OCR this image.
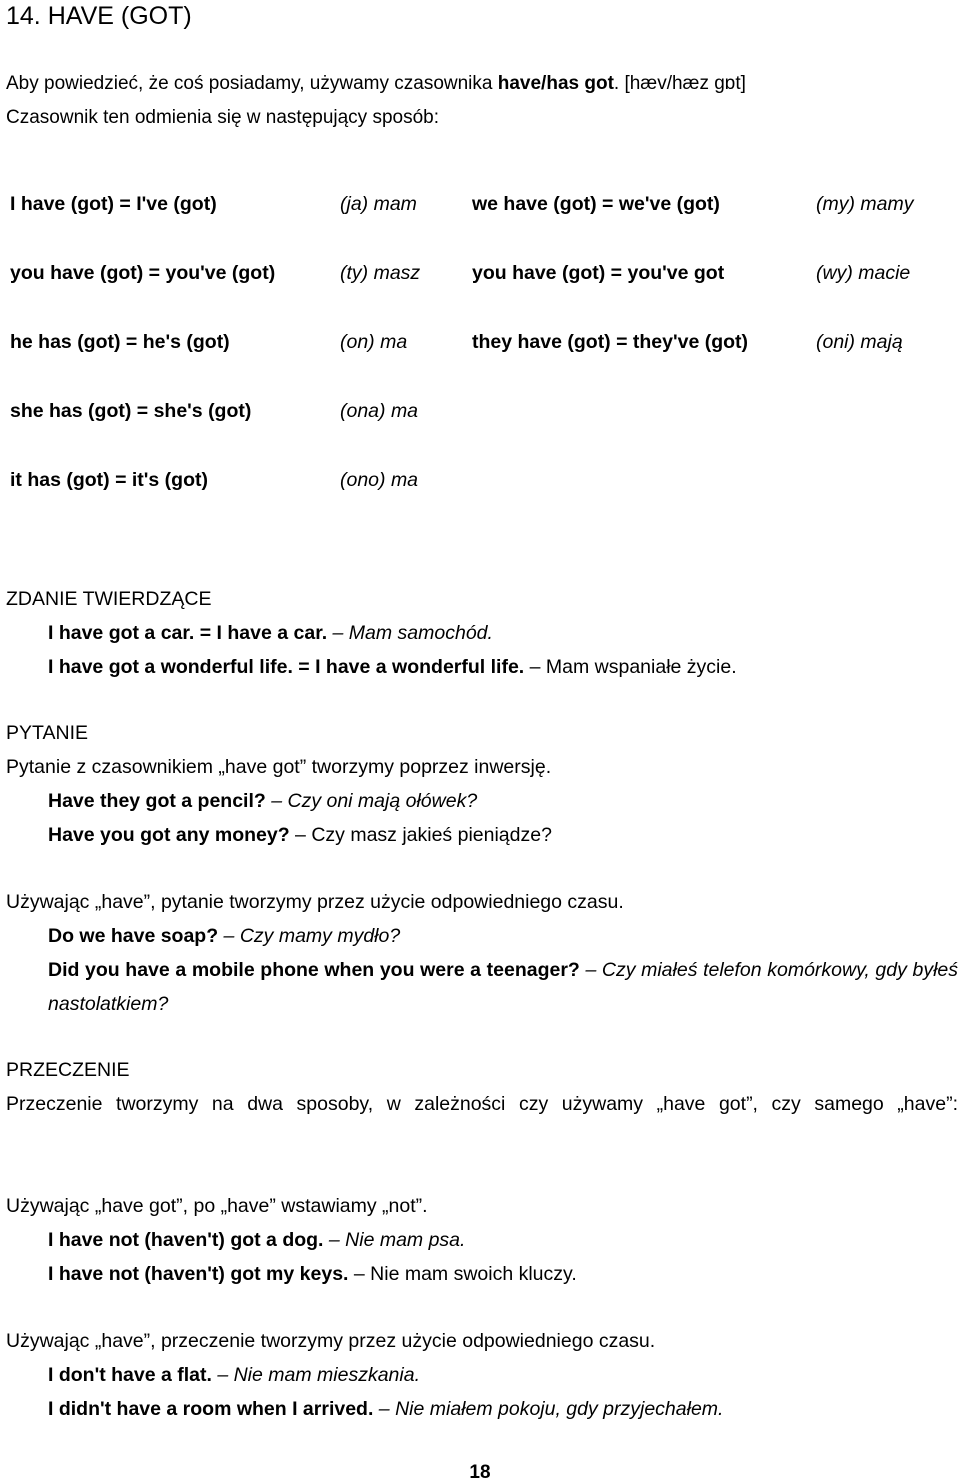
14. HAVE (GOT)
Aby powiedzieć, że coś posiadamy, używamy czasownika have/has got. [hæv/hæz gɒt]
Czasownik ten odmienia się w następujący sposób:
I have (got) = I've (got)	(ja) mam	we have (got) = we've (got)	(my) mamy
you have (got) = you've (got)	(ty) masz	you have (got) = you've got	(wy) macie
he has (got) = he's (got)	(on) ma	they have (got) = they've (got)	(oni) mają
she has (got) = she's (got)	(ona) ma
it has (got) = it's (got)	(ono) ma
ZDANIE TWIERDZĄCE
I have got a car. = I have a car. – Mam samochód.
I have got a wonderful life. = I have a wonderful life. – Mam wspaniałe życie.
PYTANIE
Pytanie z czasownikiem „have got” tworzymy poprzez inwersję.
Have they got a pencil? – Czy oni mają ołówek?
Have you got any money? – Czy masz jakieś pieniądze?
Używając „have”, pytanie tworzymy przez użycie odpowiedniego czasu.
Do we have soap? – Czy mamy mydło?
Did you have a mobile phone when you were a teenager? – Czy miałeś telefon komórkowy, gdy byłeś nastolatkiem?
PRZECZENIE
Przeczenie tworzymy na dwa sposoby, w zależności czy używamy „have got”, czy samego „have”:
Używając „have got”, po „have” wstawiamy „not”.
I have not (haven't) got a dog. – Nie mam psa.
I have not (haven't) got my keys. – Nie mam swoich kluczy.
Używając „have”, przeczenie tworzymy przez użycie odpowiedniego czasu.
I don't have a flat. – Nie mam mieszkania.
I didn't have a room when I arrived. – Nie miałem pokoju, gdy przyjechałem.
18
